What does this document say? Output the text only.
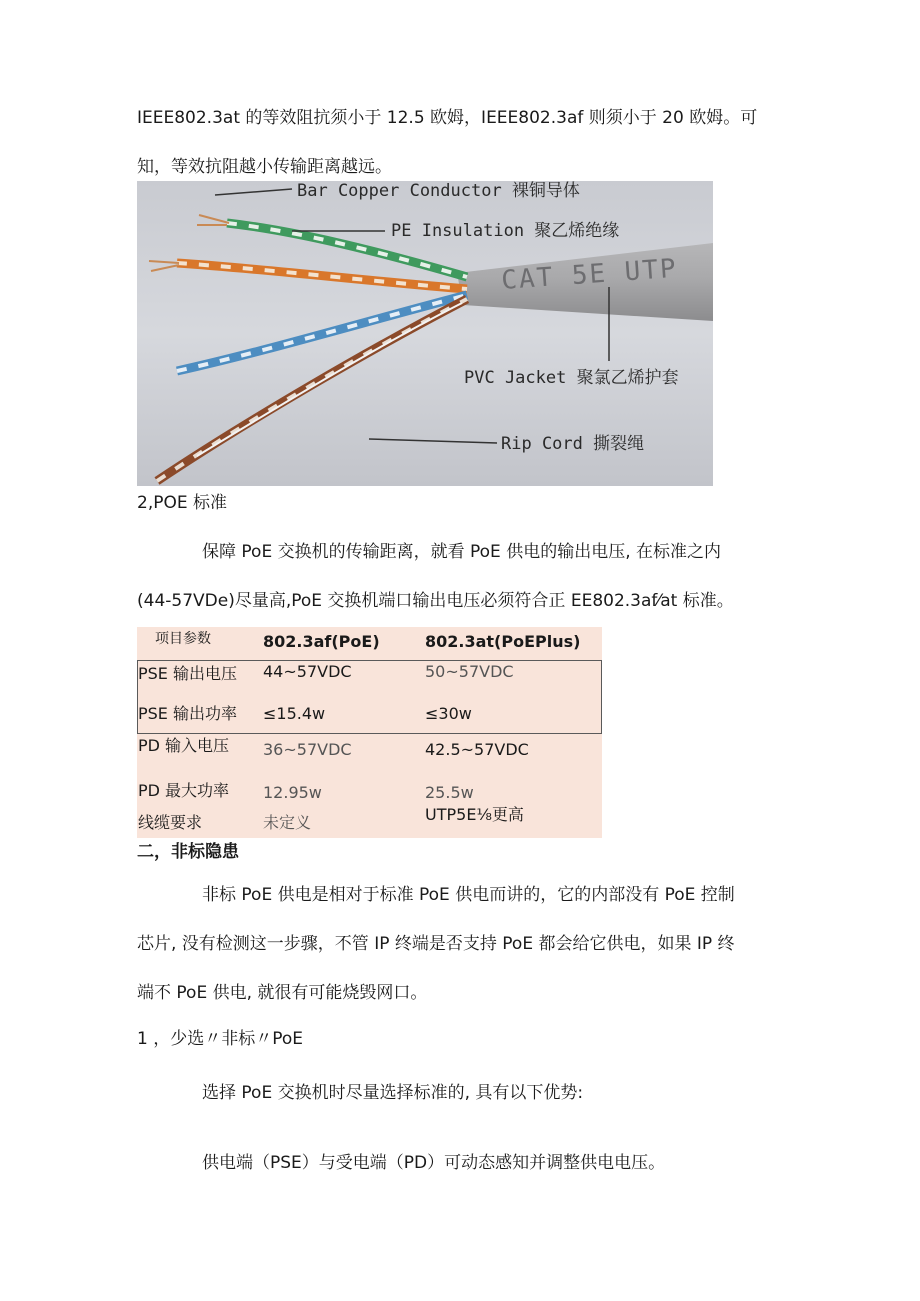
IEEE802.3at 的等效阻抗须小于 12.5 欧姆，IEEE802.3af 则须小于 20 欧姆。可
知，等效抗阻越小传输距离越远。
CAT 5E UTP
Bar Copper Conductor 裸铜导体
PE Insulation 聚乙烯绝缘
PVC Jacket 聚氯乙烯护套
Rip Cord 撕裂绳
2,POE 标准
保障 PoE 交换机的传输距离，就看 PoE 供电的输出电压, 在标准之内
(44-57VDe)尽量高,PoE 交换机端口输出电压必须符合正 EE802.3af⁄at 标准。
项目参数	802.3af(PoE)	802.3at(PoEPlus)
PSE 输出电压 44~57VDC	50~57VDC
PSE 输出功率 ≤15.4w	≤30w
PD 输入电压 36~57VDC	42.5~57VDC
PD 最大功率 12.95w	25.5w
线缆要求	未定义	UTP5E⅛更高
二，非标隐患
非标 PoE 供电是相对于标准 PoE 供电而讲的，它的内部没有 PoE 控制
芯片, 没有检测这一步骤，不管 IP 终端是否支持 PoE 都会给它供电，如果 IP 终
端不 PoE 供电, 就很有可能烧毁网口。
1 ，少选〃非标〃PoE
选择 PoE 交换机时尽量选择标准的, 具有以下优势:
供电端（PSE）与受电端（PD）可动态感知并调整供电电压。
